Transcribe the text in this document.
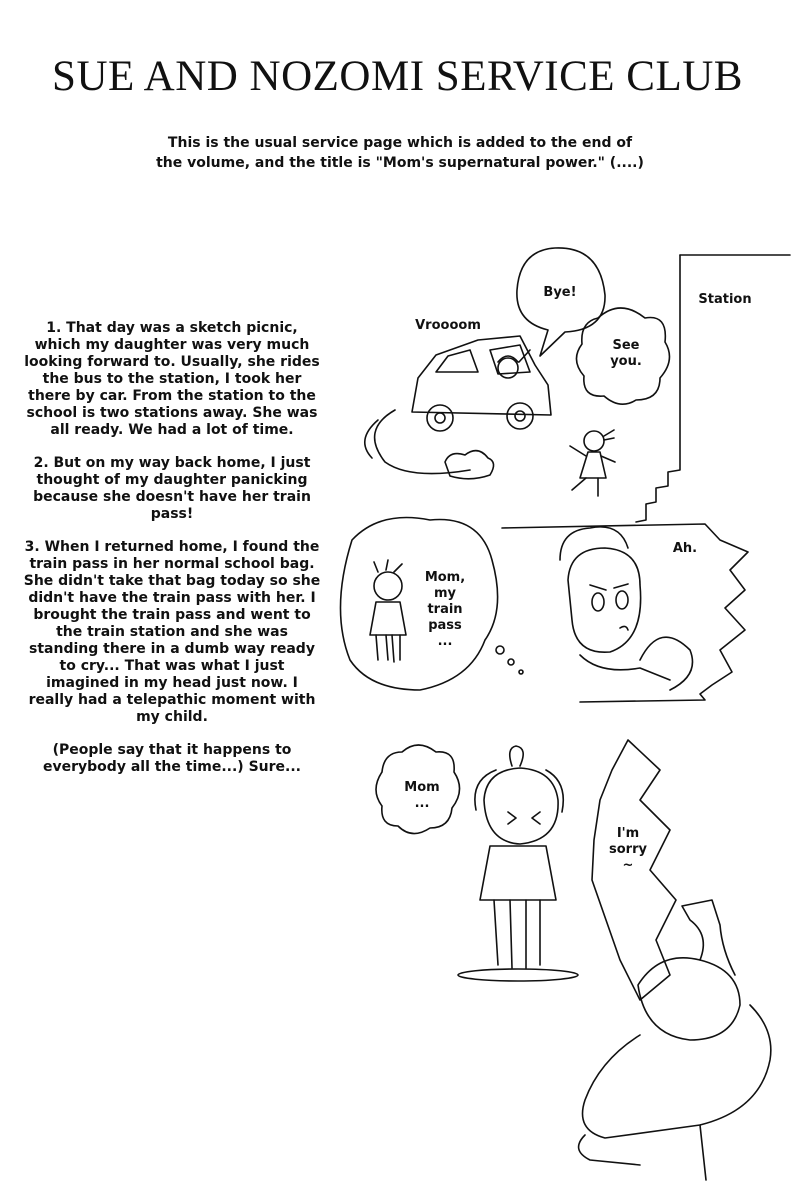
SUE AND NOZOMI SERVICE CLUB

This is the usual service page which is added to the end of

the volume, and the title is "Mom's supernatural power." (....)

1. That day was a sketch picnic, which my daughter was very much looking forward to. Usually, she rides the bus to the station, I took her there by car. From the station to the school is two stations away. She was all ready. We had a lot of time.

2. But on my way back home, I just thought of my daughter panicking because she doesn't have her train pass!

3. When I returned home, I found the train pass in her normal school bag. She didn't take that bag today so she didn't have the train pass with her. I brought the train pass and went to the train station and she was standing there in a dumb way ready to cry... That was what I just imagined in my head just now. I really had a telepathic moment with my child.

(People say that it happens to everybody all the time...) Sure...

Vroooom
Bye!
See
you.
Station
Mom,
my
train
pass
...
Ah.
Mom
...
I'm
sorry
~
